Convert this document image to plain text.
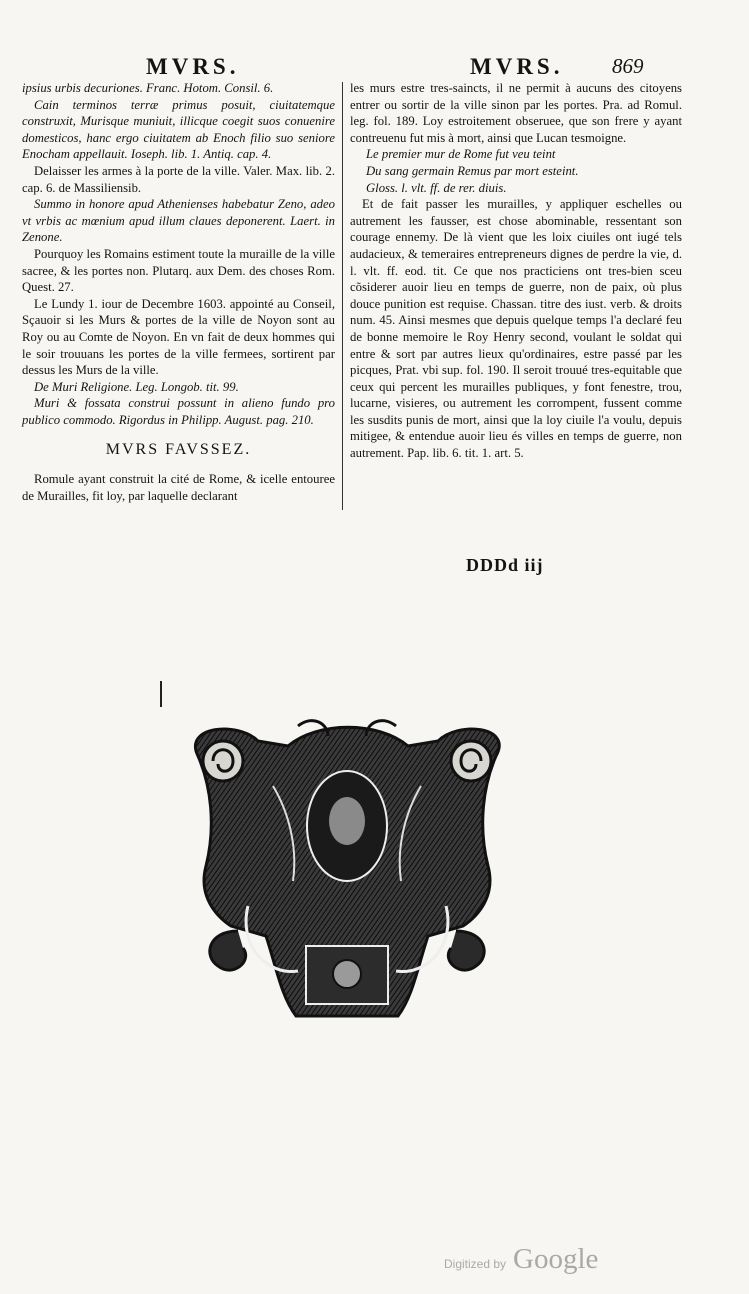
MVRS.	MVRS. 869

ipsius urbis decuriones. Franc. Hotom. Consil. 6.

Cain terminos terræ primus posuit, ciuitatemque construxit, Murisque muniuit, illicque coegit suos conuenire domesticos, hanc ergo ciuitatem ab Enoch filio suo seniore Enocham appellauit. Ioseph. lib. 1. Antiq. cap. 4.

Delaisser les armes à la porte de la ville. Valer. Max. lib. 2. cap. 6. de Massiliensib.

Summo in honore apud Athenienses habebatur Zeno, adeo vt vrbis ac mœnium apud illum claues deponerent. Laert. in Zenone.

Pourquoy les Romains estiment toute la muraille de la ville sacree, & les portes non. Plutarq. aux Dem. des choses Rom. Quest. 27.

Le Lundy 1. iour de Decembre 1603. appointé au Conseil, Sçauoir si les Murs & portes de la ville de Noyon sont au Roy ou au Comte de Noyon. En vn fait de deux hommes qui le soir trouuans les portes de la ville fermees, sortirent par dessus les Murs de la ville.

De Muri Religione. Leg. Longob. tit. 99.

Muri & fossata construi possunt in alieno fundo pro publico commodo. Rigordus in Philipp. August. pag. 210.

MVRS FAVSSEZ.

Romule ayant construit la cité de Rome, & icelle entouree de Murailles, fit loy, par laquelle declarant

les murs estre tres-saincts, il ne permit à aucuns des citoyens entrer ou sortir de la ville sinon par les portes. Pra. ad Romul. leg. fol. 189. Loy estroitement obseruee, que son frere y ayant contreuenu fut mis à mort, ainsi que Lucan tesmoigne.

Le premier mur de Rome fut veu teint

Du sang germain Remus par mort esteint.

Gloss. l. vlt. ff. de rer. diuis.

Et de fait passer les murailles, y appliquer eschelles ou autrement les fausser, est chose abominable, ressentant son courage ennemy. De là vient que les loix ciuiles ont iugé tels audacieux, & temeraires entrepreneurs dignes de perdre la vie, d. l. vlt. ff. eod. tit. Ce que nos practiciens ont tres-bien sceu cõsiderer auoir lieu en temps de guerre, non de paix, où plus douce punition est requise. Chassan. titre des iust. verb. & droits num. 45. Ainsi mesmes que depuis quelque temps l'a declaré feu de bonne memoire le Roy Henry second, voulant le soldat qui entre & sort par autres lieux qu'ordinaires, estre passé par les picques, Prat. vbi sup. fol. 190. Il seroit trouué tres-equitable que ceux qui percent les murailles publiques, y font fenestre, trou, lucarne, visieres, ou autrement les corrompent, fussent comme les susdits punis de mort, ainsi que la loy ciuile l'a voulu, depuis mitigee, & entendue auoir lieu és villes en temps de guerre, non autrement. Pap. lib. 6. tit. 1. art. 5.

DDDd iij
Digitized by Google
